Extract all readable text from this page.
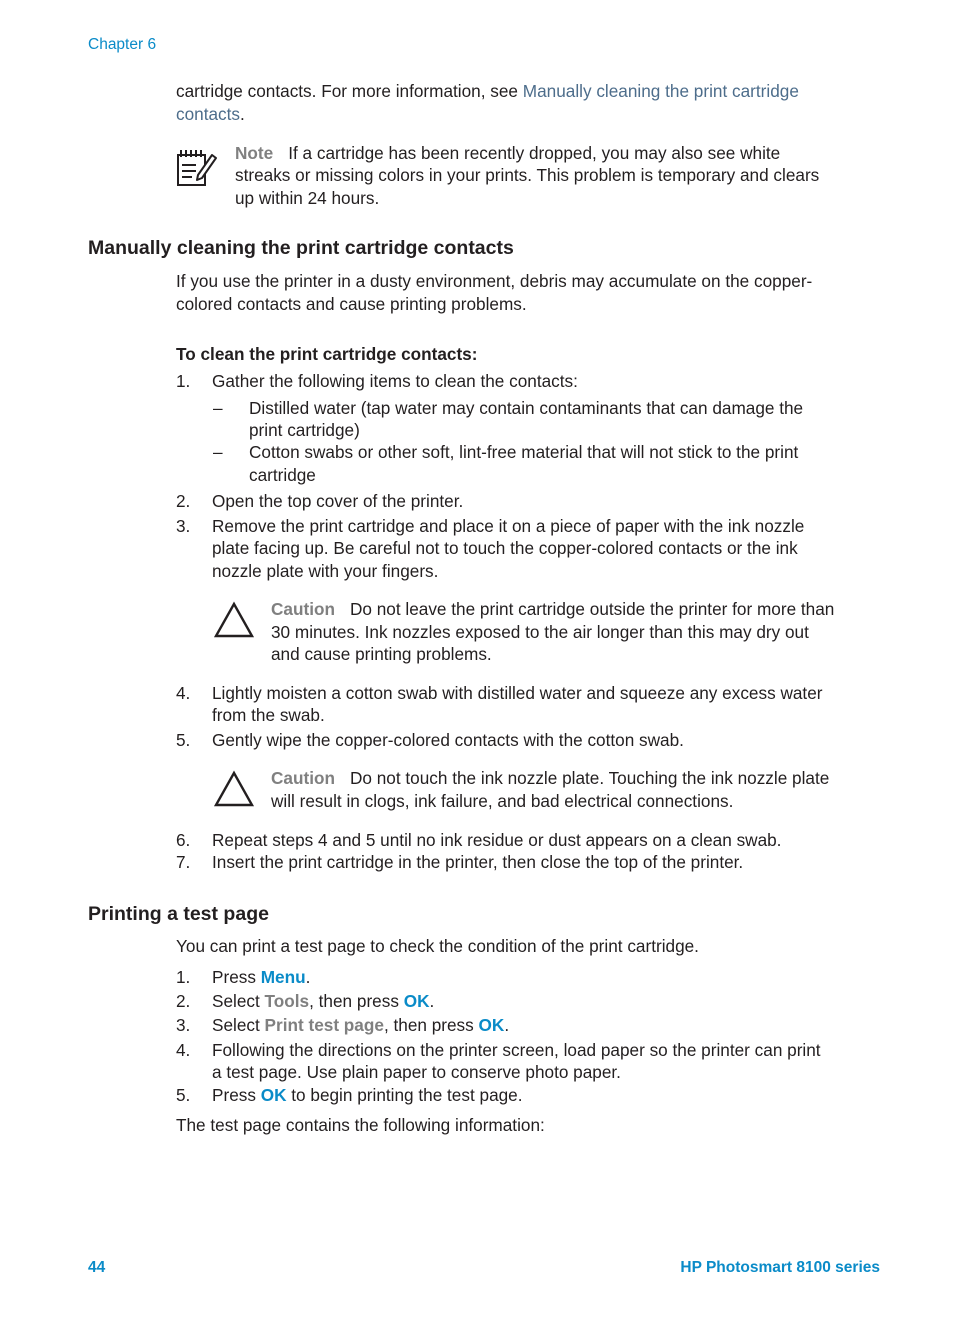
Chapter 6
cartridge contacts. For more information, see Manually cleaning the print cartridge
contacts.
Note If a cartridge has been recently dropped, you may also see white
streaks or missing colors in your prints. This problem is temporary and clears
up within 24 hours.
Manually cleaning the print cartridge contacts
If you use the printer in a dusty environment, debris may accumulate on the copper-
colored contacts and cause printing problems.
To clean the print cartridge contacts:
1.	Gather the following items to clean the contacts:
– Distilled water (tap water may contain contaminants that can damage the
print cartridge)
– Cotton swabs or other soft, lint-free material that will not stick to the print
cartridge
2. Open the top cover of the printer.
3. Remove the print cartridge and place it on a piece of paper with the ink nozzle
plate facing up. Be careful not to touch the copper-colored contacts or the ink
nozzle plate with your fingers.
Caution Do not leave the print cartridge outside the printer for more than
30 minutes. Ink nozzles exposed to the air longer than this may dry out
and cause printing problems.
4. Lightly moisten a cotton swab with distilled water and squeeze any excess water
from the swab.
5. Gently wipe the copper-colored contacts with the cotton swab.
Caution Do not touch the ink nozzle plate. Touching the ink nozzle plate
will result in clogs, ink failure, and bad electrical connections.
6. Repeat steps 4 and 5 until no ink residue or dust appears on a clean swab.
7. Insert the print cartridge in the printer, then close the top of the printer.
Printing a test page
You can print a test page to check the condition of the print cartridge.
1. Press Menu.
2. Select Tools, then press OK.
3. Select Print test page, then press OK.
4. Following the directions on the printer screen, load paper so the printer can print
a test page. Use plain paper to conserve photo paper.
5. Press OK to begin printing the test page.
The test page contains the following information:
44	HP Photosmart 8100 series
